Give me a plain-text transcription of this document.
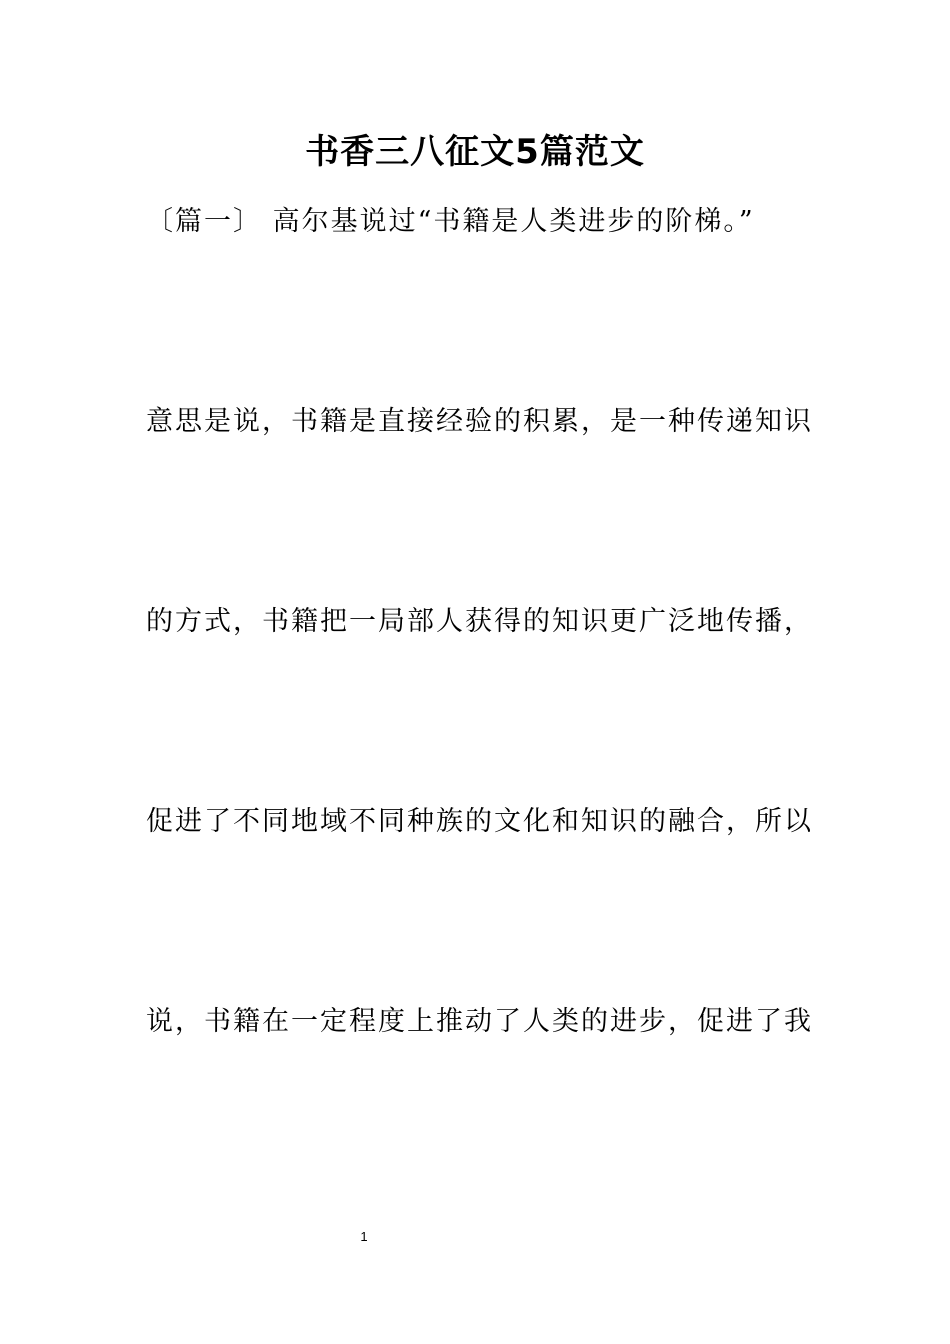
书香三八征文5篇范文

〔篇一〕 高尔基说过“书籍是人类进步的阶梯。”

意思是说，书籍是直接经验的积累，是一种传递知识

的方式，书籍把一局部人获得的知识更广泛地传播，

促进了不同地域不同种族的文化和知识的融合，所以

说，书籍在一定程度上推动了人类的进步，促进了我

1
